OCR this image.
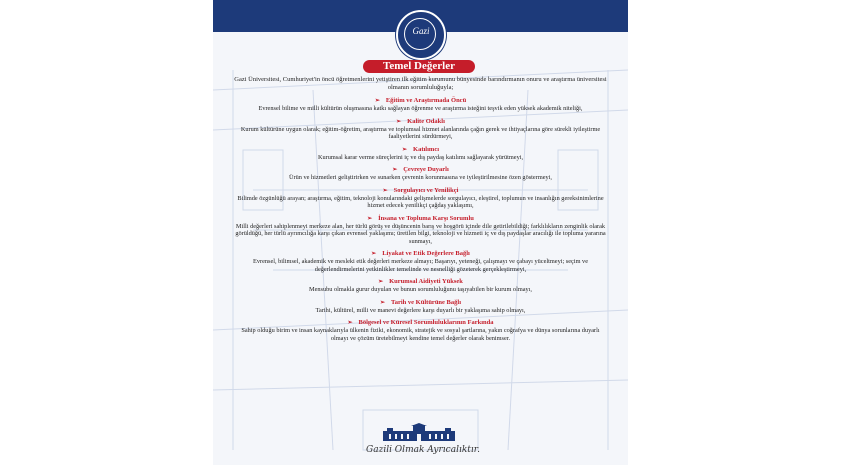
Gazi
Temel Değerler

Gazi Üniversitesi, Cumhuriyet'in öncü öğretmenlerini yetiştiren ilk eğitim kurumunu bünyesinde barındırmanın onuru ve araştırma üniversitesi olmanın sorumluluğuyla;

➢ Eğitim ve Araştırmada Öncü
Evrensel bilime ve milli kültürün oluşmasına katkı sağlayan öğrenme ve araştırma isteğini teşvik eden yüksek akademik niteliği,
➢ Kalite Odaklı
Kurum kültürüne uygun olarak; eğitim-öğretim, araştırma ve toplumsal hizmet alanlarında çağın gerek ve ihtiyaçlarına göre sürekli iyileştirme faaliyetlerini sürdürmeyi,
➢ Katılımcı
Kurumsal karar verme süreçlerini iç ve dış paydaş katılımı sağlayarak yürütmeyi,
➢ Çevreye Duyarlı
Ürün ve hizmetleri geliştirirken ve sunarken çevrenin korunmasına ve iyileştirilmesine özen göstermeyi,
➢ Sorgulayıcı ve Yenilikçi
Bilimde özgünlüğü arayan; araştırma, eğitim, teknoloji konularındaki gelişmelerde sorgulayıcı, eleştirel, toplumun ve insanlığın gereksinimlerine hizmet edecek yenilikçi çağdaş yaklaşımı,
➢ İnsana ve Topluma Karşı Sorumlu
Milli değerleri sahiplenmeyi merkeze alan, her türlü görüş ve düşüncenin barış ve hoşgörü içinde dile getirilebildiği; farklılıkların zenginlik olarak görüldüğü, her türlü ayrımcılığa karşı çıkan evrensel yaklaşımı; üretilen bilgi, teknoloji ve hizmeti iç ve dış paydaşlar aracılığı ile topluma yararına sunmayı,
➢ Liyakat ve Etik Değerlere Bağlı
Evrensel, bilimsel, akademik ve mesleki etik değerleri merkeze almayı; Başarıyı, yeteneği, çalışmayı ve çabayı yüceltmeyi; seçim ve değerlendirmelerini yetkinlikler temelinde ve nesnelliği gözeterek gerçekleştirmeyi,
➢ Kurumsal Aidiyeti Yüksek
Mensubu olmakla gurur duyulan ve bunun sorumluluğunu taşıyabilen bir kurum olmayı,
➢ Tarih ve Kültürüne Bağlı
Tarihi, kültürel, milli ve manevi değerlere karşı duyarlı bir yaklaşıma sahip olmayı,
➢ Bölgesel ve Küresel Sorumluluklarının Farkında
Sahip olduğu birim ve insan kaynaklarıyla ülkenin fiziki, ekonomik, stratejik ve sosyal şartlarına, yakın coğrafya ve dünya sorunlarına duyarlı olmayı ve çözüm üretebilmeyi kendine temel değerler olarak benimser.
Gazili Olmak Ayrıcalıktır.
